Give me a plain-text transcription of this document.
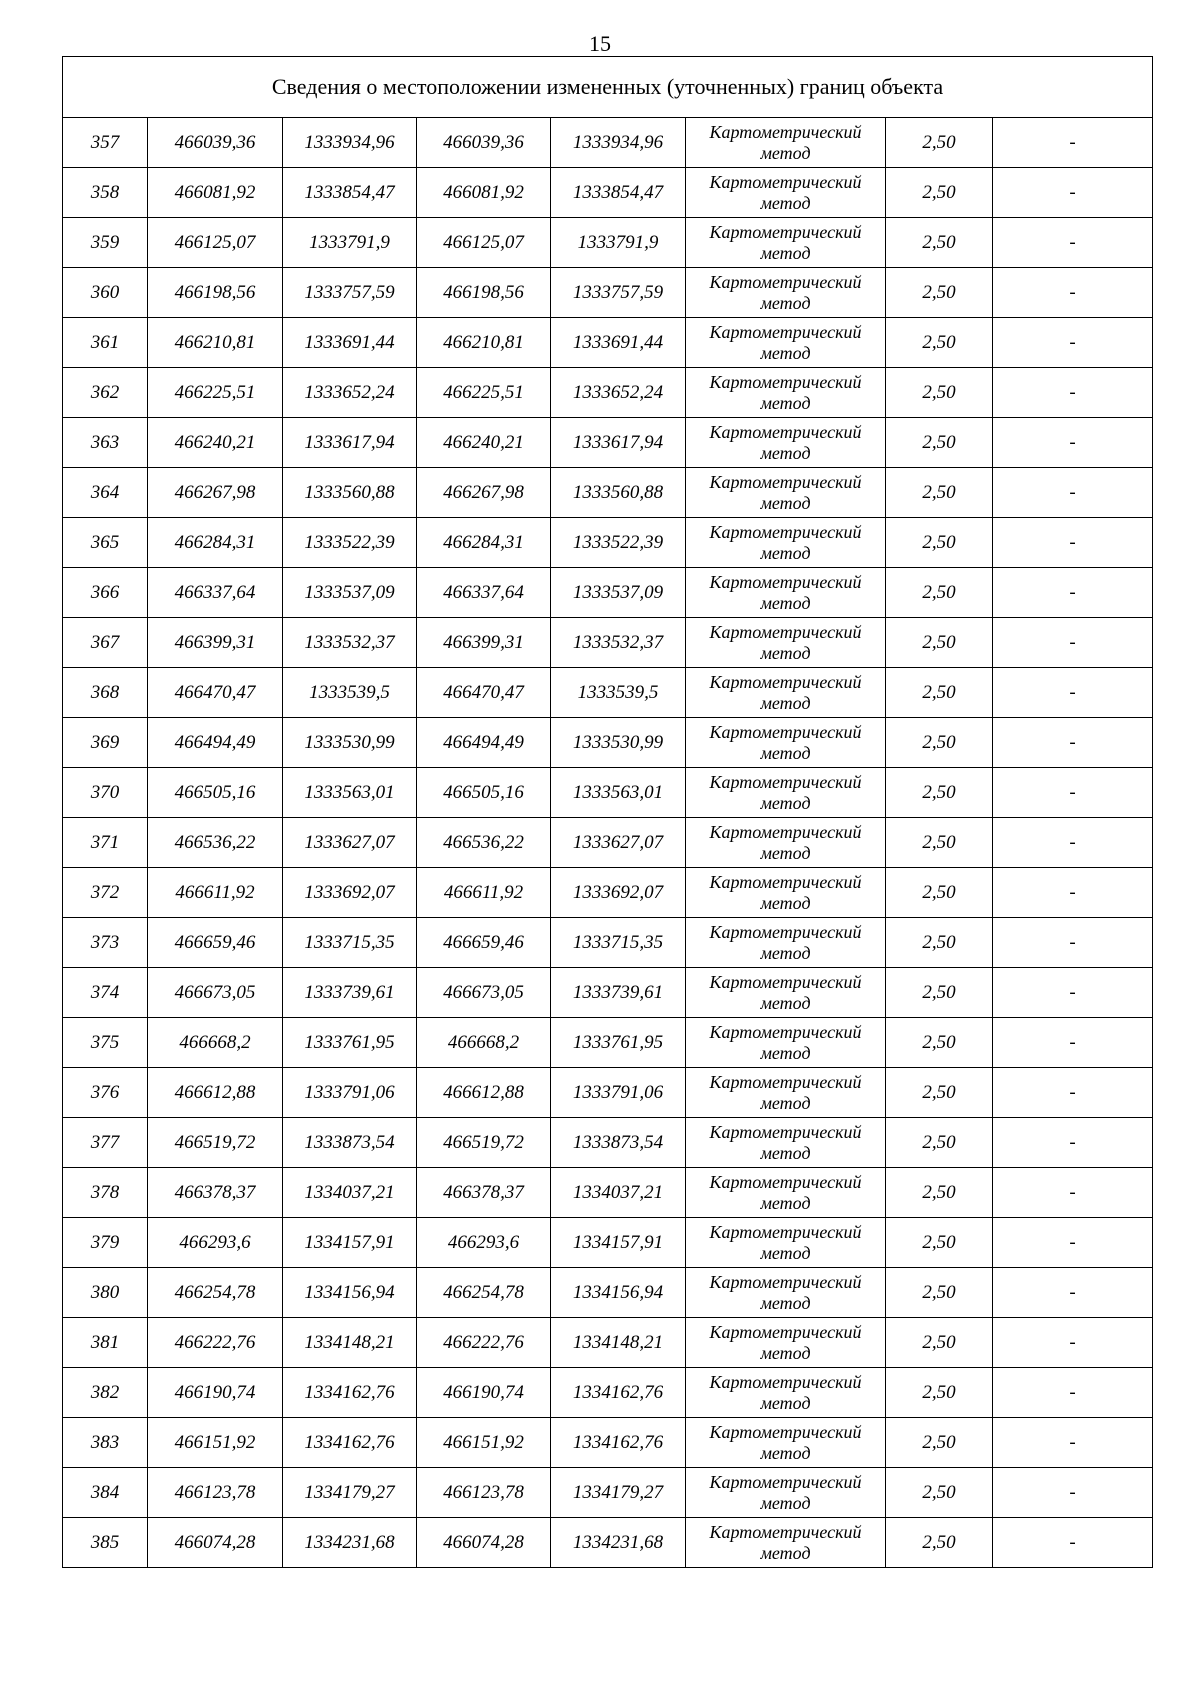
15
Сведения о местоположении измененных (уточненных) границ объекта							
357	466039,36	1333934,96	466039,36	1333934,96	Картометрический метод	2,50	-
358	466081,92	1333854,47	466081,92	1333854,47	Картометрический метод	2,50	-
359	466125,07	1333791,9	466125,07	1333791,9	Картометрический метод	2,50	-
360	466198,56	1333757,59	466198,56	1333757,59	Картометрический метод	2,50	-
361	466210,81	1333691,44	466210,81	1333691,44	Картометрический метод	2,50	-
362	466225,51	1333652,24	466225,51	1333652,24	Картометрический метод	2,50	-
363	466240,21	1333617,94	466240,21	1333617,94	Картометрический метод	2,50	-
364	466267,98	1333560,88	466267,98	1333560,88	Картометрический метод	2,50	-
365	466284,31	1333522,39	466284,31	1333522,39	Картометрический метод	2,50	-
366	466337,64	1333537,09	466337,64	1333537,09	Картометрический метод	2,50	-
367	466399,31	1333532,37	466399,31	1333532,37	Картометрический метод	2,50	-
368	466470,47	1333539,5	466470,47	1333539,5	Картометрический метод	2,50	-
369	466494,49	1333530,99	466494,49	1333530,99	Картометрический метод	2,50	-
370	466505,16	1333563,01	466505,16	1333563,01	Картометрический метод	2,50	-
371	466536,22	1333627,07	466536,22	1333627,07	Картометрический метод	2,50	-
372	466611,92	1333692,07	466611,92	1333692,07	Картометрический метод	2,50	-
373	466659,46	1333715,35	466659,46	1333715,35	Картометрический метод	2,50	-
374	466673,05	1333739,61	466673,05	1333739,61	Картометрический метод	2,50	-
375	466668,2	1333761,95	466668,2	1333761,95	Картометрический метод	2,50	-
376	466612,88	1333791,06	466612,88	1333791,06	Картометрический метод	2,50	-
377	466519,72	1333873,54	466519,72	1333873,54	Картометрический метод	2,50	-
378	466378,37	1334037,21	466378,37	1334037,21	Картометрический метод	2,50	-
379	466293,6	1334157,91	466293,6	1334157,91	Картометрический метод	2,50	-
380	466254,78	1334156,94	466254,78	1334156,94	Картометрический метод	2,50	-
381	466222,76	1334148,21	466222,76	1334148,21	Картометрический метод	2,50	-
382	466190,74	1334162,76	466190,74	1334162,76	Картометрический метод	2,50	-
383	466151,92	1334162,76	466151,92	1334162,76	Картометрический метод	2,50	-
384	466123,78	1334179,27	466123,78	1334179,27	Картометрический метод	2,50	-
385	466074,28	1334231,68	466074,28	1334231,68	Картометрический метод	2,50	-
